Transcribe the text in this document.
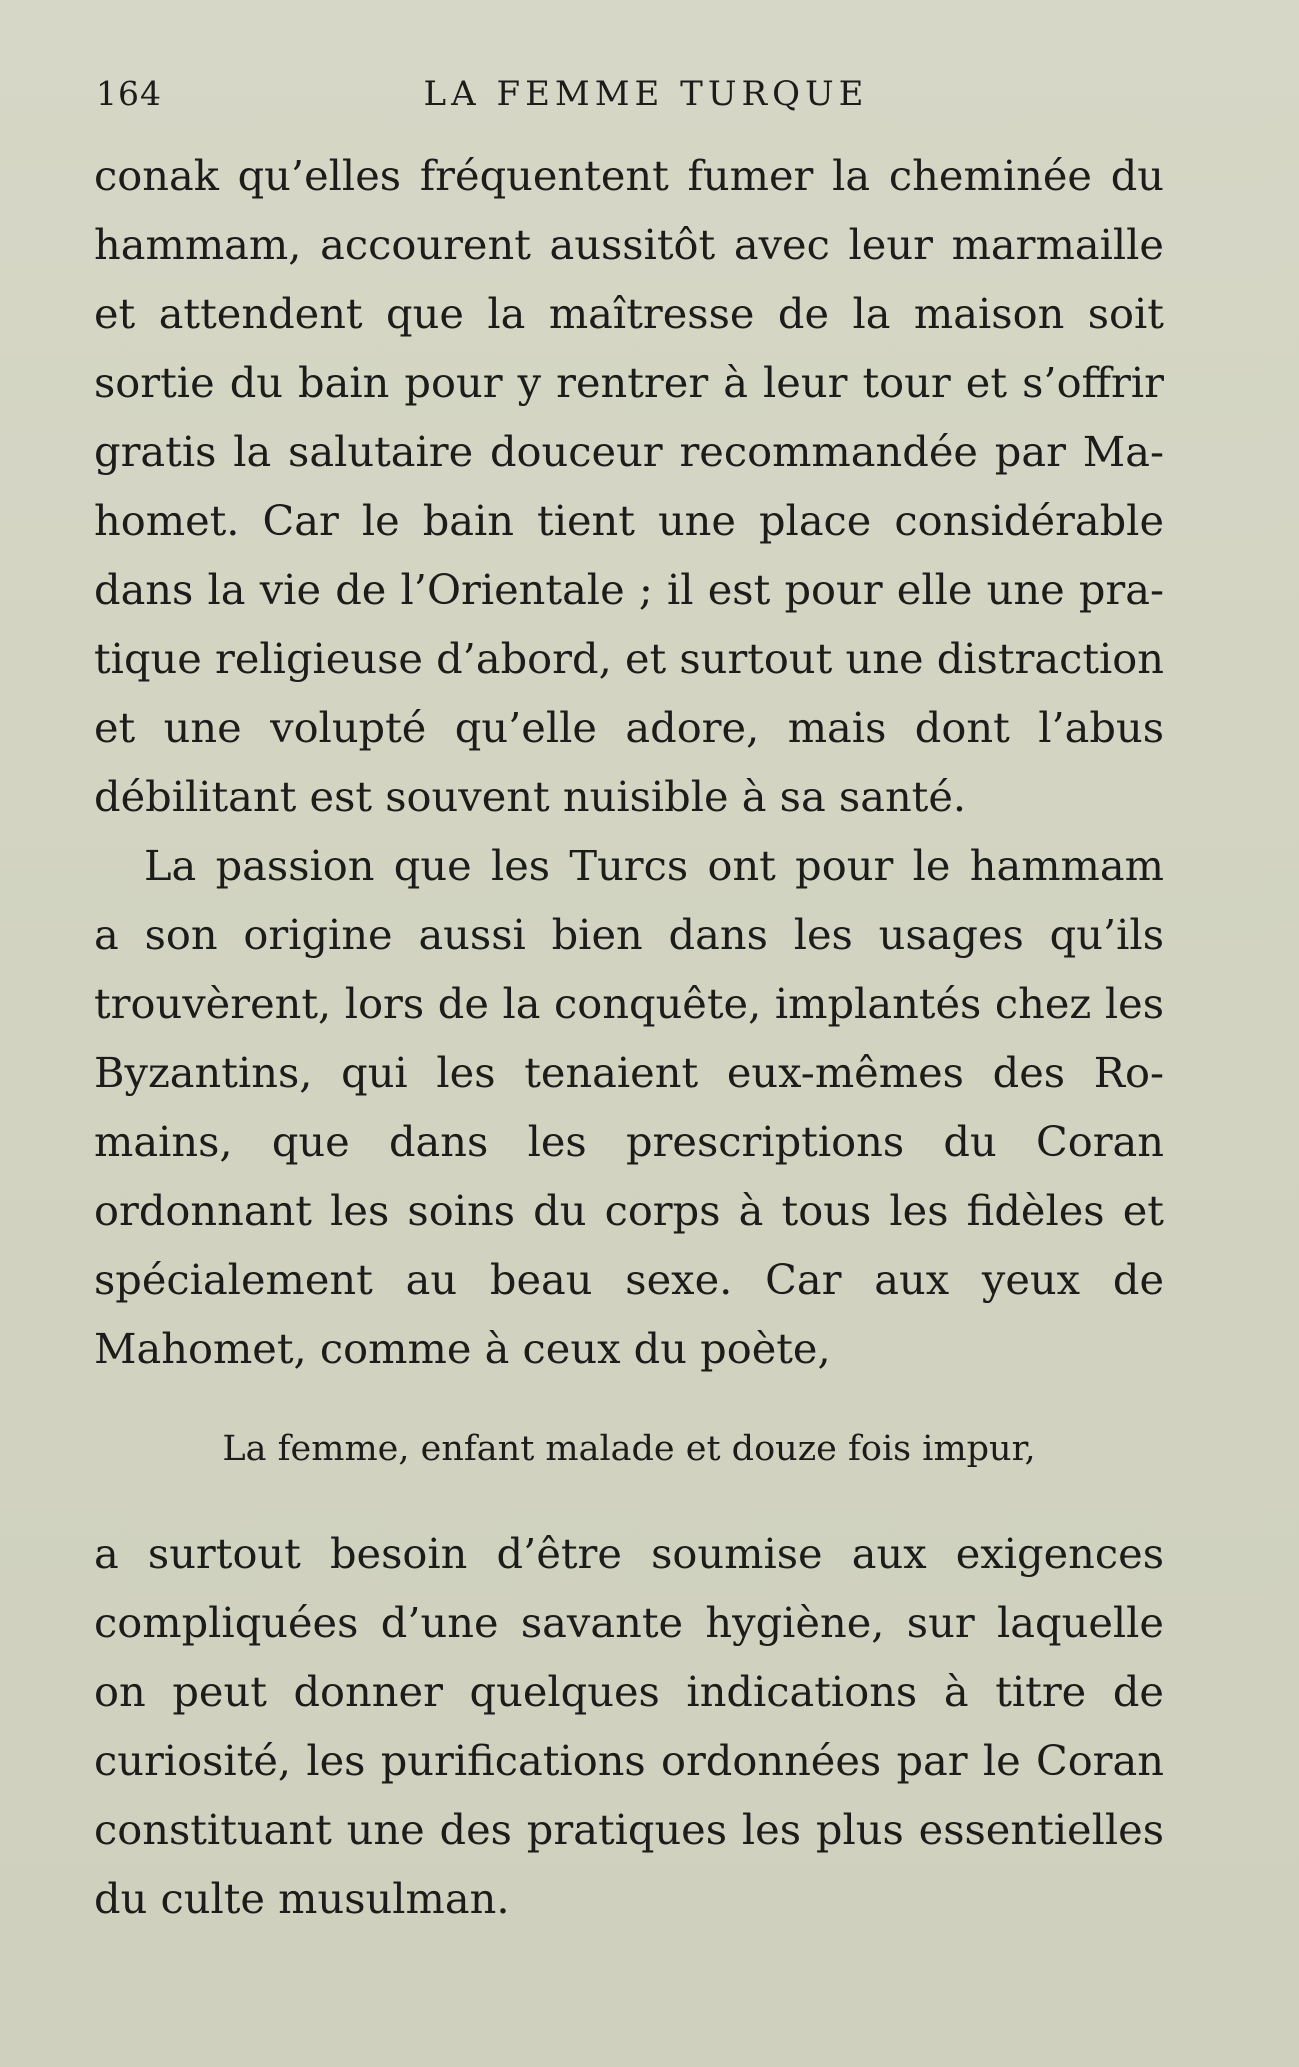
164	LA FEMME TURQUE
conak qu’elles fréquentent fumer la cheminée du
hammam, accourent aussitôt avec leur marmaille
et attendent que la maîtresse de la maison soit
sortie du bain pour y rentrer à leur tour et s’offrir
gratis la salutaire douceur recommandée par Ma-
homet. Car le bain tient une place considérable
dans la vie de l’Orientale ; il est pour elle une pra-
tique religieuse d’abord, et surtout une distraction
et une volupté qu’elle adore, mais dont l’abus
débilitant est souvent nuisible à sa santé.
La passion que les Turcs ont pour le hammam
a son origine aussi bien dans les usages qu’ils
trouvèrent, lors de la conquête, implantés chez les
Byzantins, qui les tenaient eux-mêmes des Ro-
mains, que dans les prescriptions du Coran
ordonnant les soins du corps à tous les fidèles et
spécialement au beau sexe. Car aux yeux de
Mahomet, comme à ceux du poète,
La femme, enfant malade et douze fois impur,
a surtout besoin d’être soumise aux exigences
compliquées d’une savante hygiène, sur laquelle
on peut donner quelques indications à titre de
curiosité, les purifications ordonnées par le Coran
constituant une des pratiques les plus essentielles
du culte musulman.
